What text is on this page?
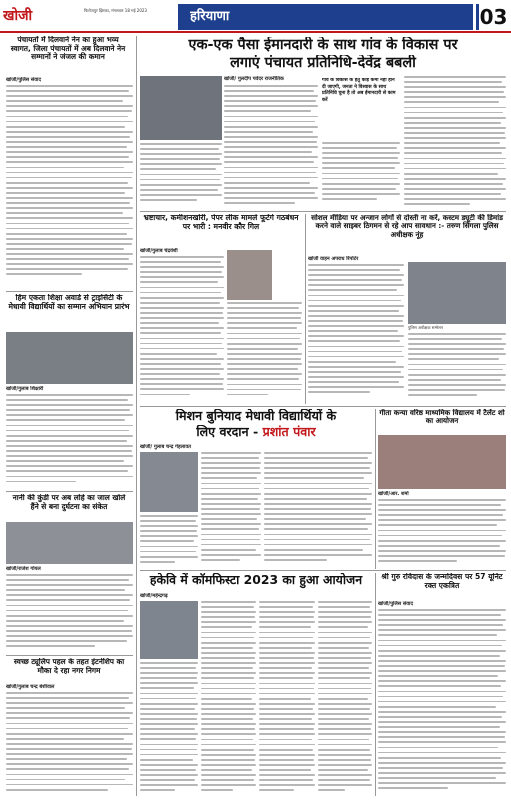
खोजी	फिरोजपुर झिरका, मंगलवार 18 मई 2023	हरियाणा	03
पंचायतों में दिलवाने नेन का हुआ भव्य स्वागत, जिला पंचायतों में अब दिलवाने नेन सम्मानों ने जंजल की कमान
खोजी/पुलिस संवाद
हिम एकता शिक्षा अवार्ड से ट्राइसिटी के मेधावी विद्यार्थियों का सम्मान अभियान प्रारंभ
खोजी/गुलाब शिक्षारी
नानी की कुंडी पर अब लोहे का जाल खोले हैंने से बना दुर्घटना का संकेत
खोजी/राजेश गोयल
स्वच्छ ट्यूलिप पहल के तहत इंटर्नशिप का मौका दे रहा नगर निगम
खोजी/गुलाब चन्द्र बंशीवाल
एक-एक पैसा ईमानदारी के साथ गांव के विकास पर
लगाएं पंचायत प्रतिनिधि-देवेंद्र बबली
खोजी/ गुलदीप पवेंदर राजनीतिक	गांव के विकास के हेतु कोई कमी नहीं होने दी जाएगी, जनता ने विश्वास के साथ प्रतिनिधि चुना है तो अब ईमानदारी से काम करें
भ्रष्टाचार, कमीशनखोरी, पेपर लीक मामले फूटेंगे गठबंधन पर भारी : मनवीर कौर गिल
खोजी/गुलाब चंद्रवंशी
सोशल मीडिया पर अन्जान लोगों से दोस्ती ना करें, कस्टम ड्यूटी की डिमांड करने वाले साइबर ठिगमन से रहे आप सावधान :- तरुण सिंगला पुलिस अधीक्षक नूंह
खोजी वाहन अपराध रिपोर्टर
पुलिस अधीक्षक सम्मेलन
मिशन बुनियाद मेधावी विद्यार्थियों के
लिए वरदान - प्रशांत पंवार
खोजी/ गुलाब चन्द्र गेहलावत
गीता कन्या वरिष्ठ माध्यमिक विद्यालय में टैलेंट शो का आयोजन
खोजी/आर. शर्मा
हकेवि में कॉमफिस्टा 2023 का हुआ आयोजन
खोजी/महेन्द्रगढ़
श्री गुरु रविदास के जन्मदिवस पर 57 यूनिट रक्त एकत्रित
खोजी/पुलिस संवाद
